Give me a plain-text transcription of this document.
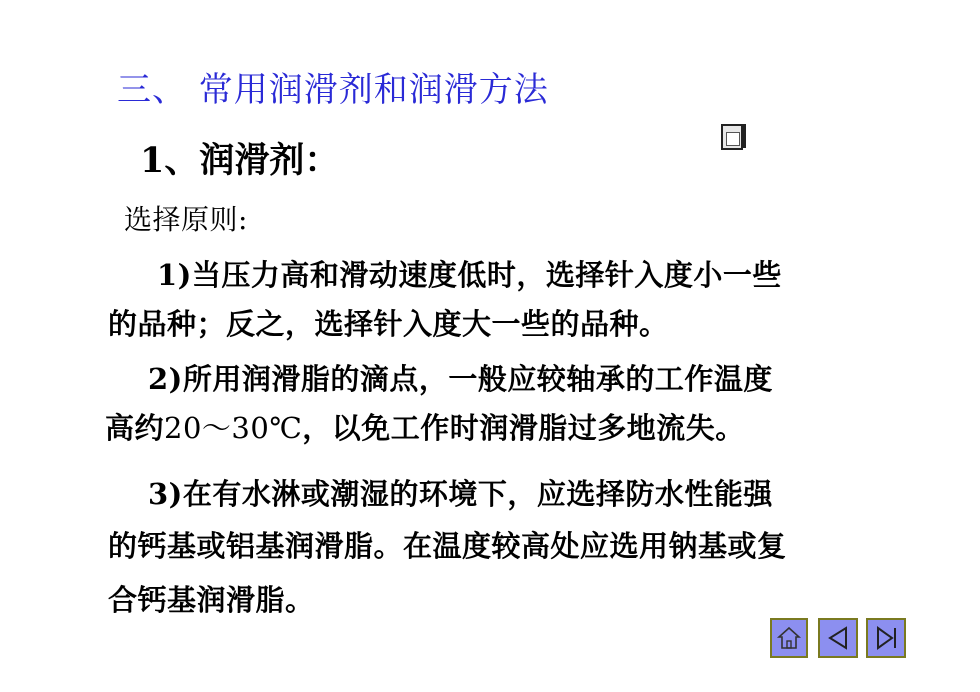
三、 常用润滑剂和润滑方法
1、润滑剂：
选择原则:
1)当压力高和滑动速度低时，选择针入度小一些
的品种；反之，选择针入度大一些的品种。
2)所用润滑脂的滴点，一般应较轴承的工作温度
高约20～30℃，以免工作时润滑脂过多地流失。
3)在有水淋或潮湿的环境下，应选择防水性能强
的钙基或铝基润滑脂。在温度较高处应选用钠基或复
合钙基润滑脂。
